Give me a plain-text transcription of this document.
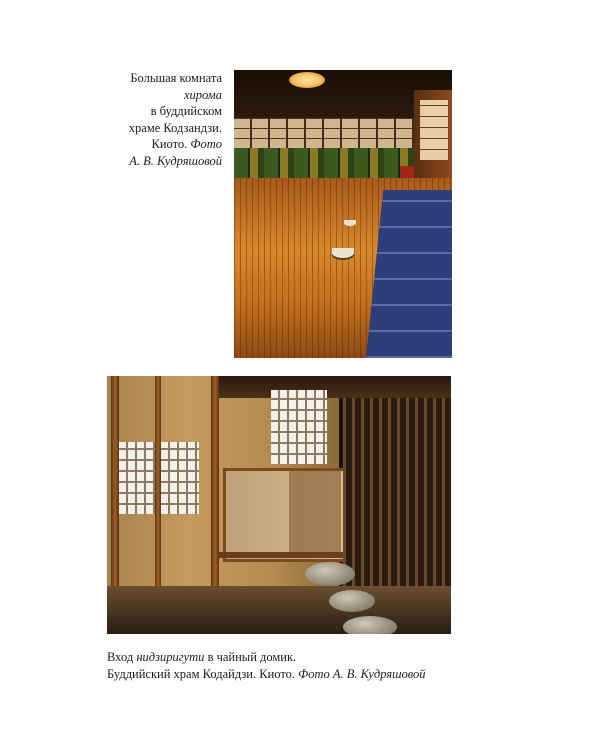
Большая комната
хирома
в буддийском
храме Кодзандзи.
Киото. Фото
А. В. Кудряшовой
Вход нидзиригути в чайный домик.
Буддийский храм Кодайдзи. Киото. Фото А. В. Кудряшовой
